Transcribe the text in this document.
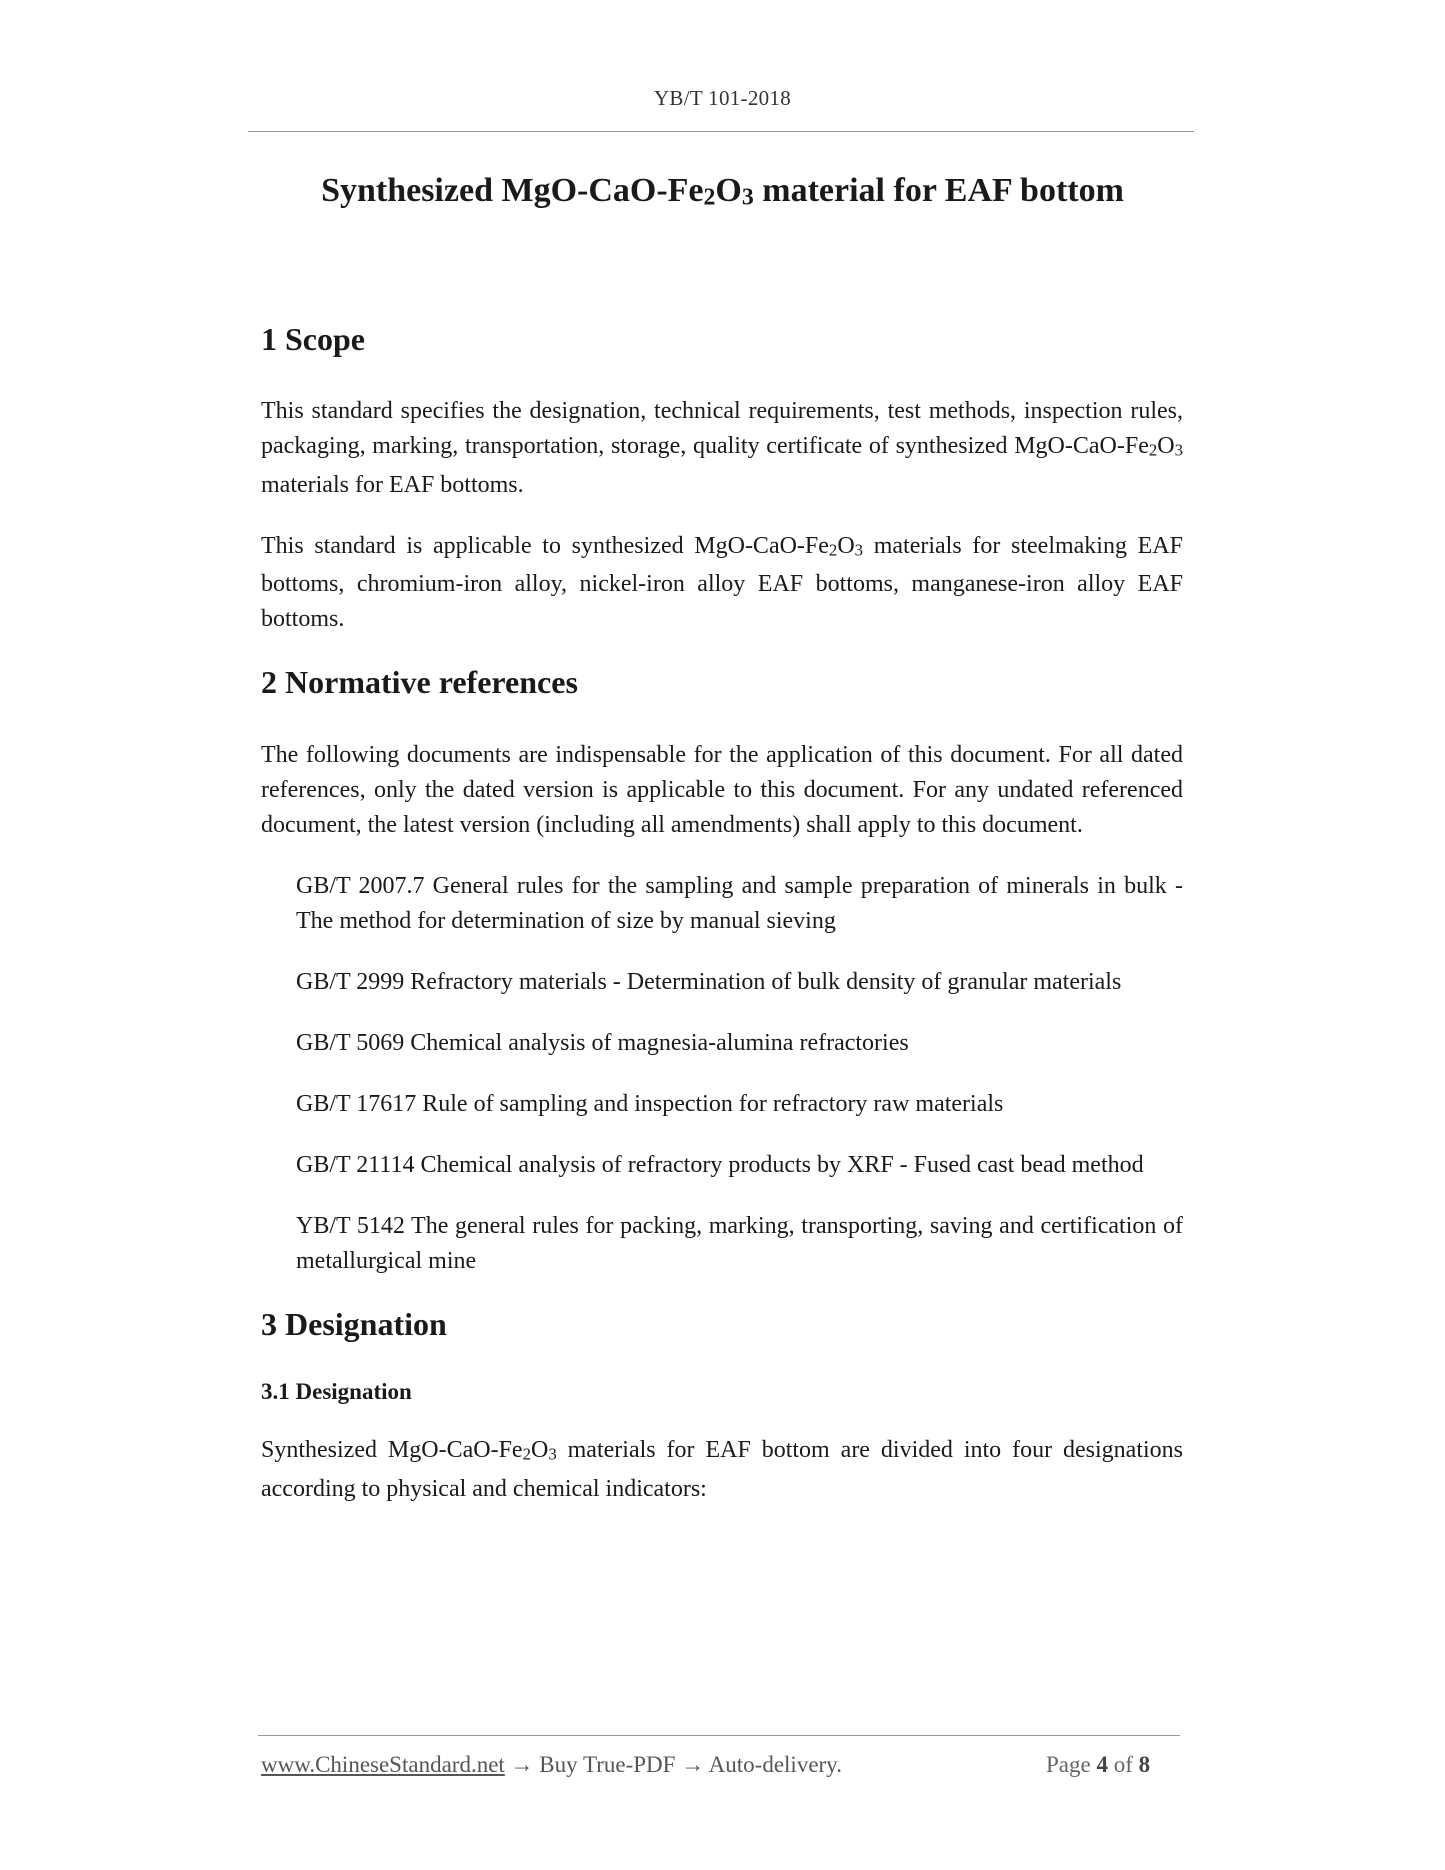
YB/T 101-2018
Synthesized MgO-CaO-Fe2O3 material for EAF bottom
1 Scope

This standard specifies the designation, technical requirements, test methods, inspection rules, packaging, marking, transportation, storage, quality certificate of synthesized MgO-CaO-Fe2O3 materials for EAF bottoms.

This standard is applicable to synthesized MgO-CaO-Fe2O3 materials for steelmaking EAF bottoms, chromium-iron alloy, nickel-iron alloy EAF bottoms, manganese-iron alloy EAF bottoms.

2 Normative references

The following documents are indispensable for the application of this document. For all dated references, only the dated version is applicable to this document. For any undated referenced document, the latest version (including all amendments) shall apply to this document.

GB/T 2007.7 General rules for the sampling and sample preparation of minerals in bulk - The method for determination of size by manual sieving

GB/T 2999 Refractory materials - Determination of bulk density of granular materials

GB/T 5069 Chemical analysis of magnesia-alumina refractories

GB/T 17617 Rule of sampling and inspection for refractory raw materials

GB/T 21114 Chemical analysis of refractory products by XRF - Fused cast bead method

YB/T 5142 The general rules for packing, marking, transporting, saving and certification of metallurgical mine

3 Designation
3.1 Designation

Synthesized MgO-CaO-Fe2O3 materials for EAF bottom are divided into four designations according to physical and chemical indicators:

www.ChineseStandard.net → Buy True-PDF → Auto-delivery.	Page 4 of 8
